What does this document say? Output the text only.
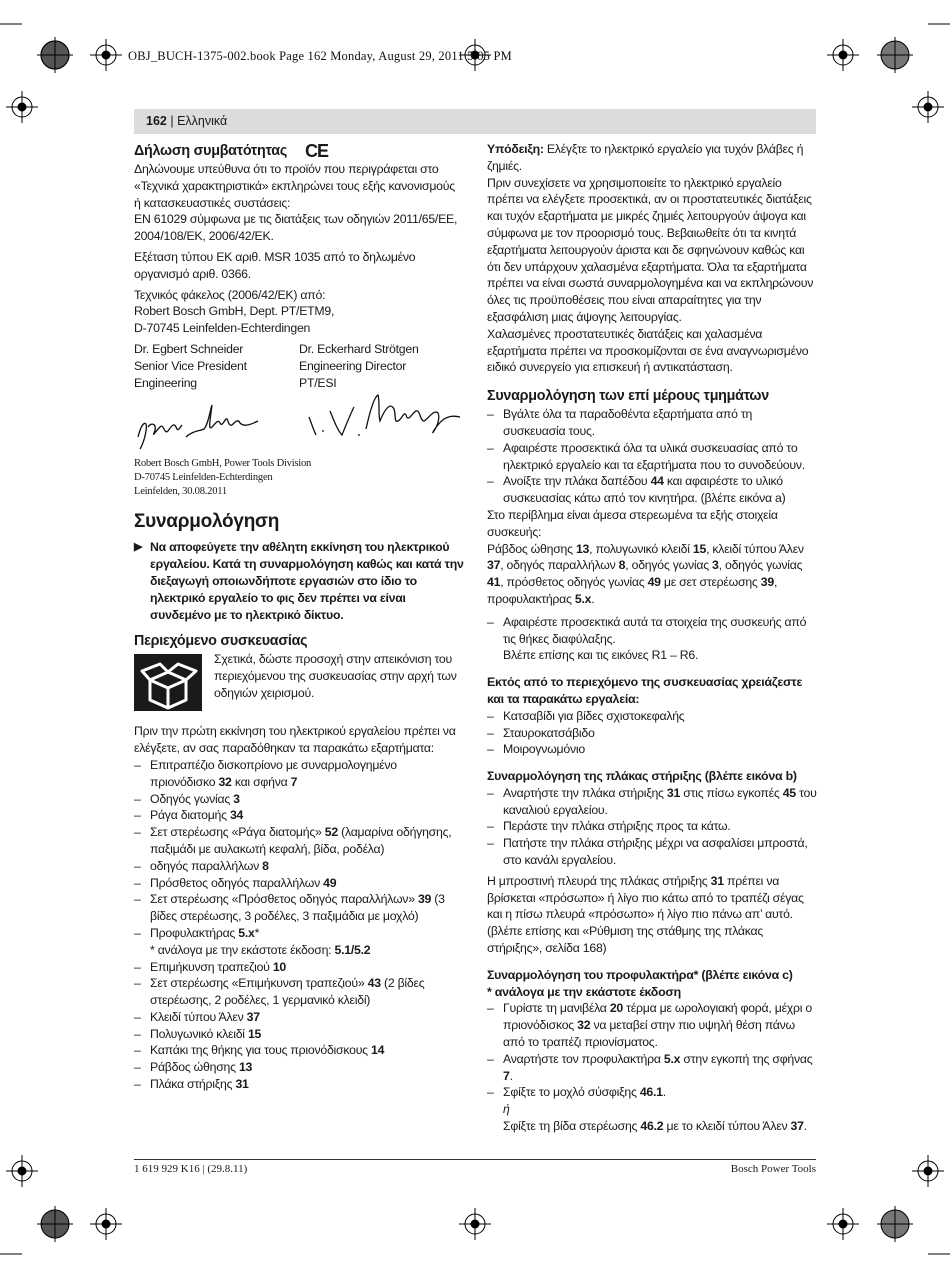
OBJ_BUCH-1375-002.book Page 162 Monday, August 29, 2011 5:05 PM
162 | Ελληνικά
Δήλωση συμβατότητας CE

Δηλώνουμε υπεύθυνα ότι το προϊόν που περιγράφεται στο «Τεχνικά χαρακτηριστικά» εκπληρώνει τους εξής κανονισμούς ή κατασκευαστικές συστάσεις:

EN 61029 σύμφωνα με τις διατάξεις των οδηγιών 2011/65/EE, 2004/108/EK, 2006/42/EK.

Εξέταση τύπου ΕΚ αριθ. MSR 1035 από το δηλωμένο οργανισμό αριθ. 0366.

Τεχνικός φάκελος (2006/42/EK) από:

Robert Bosch GmbH, Dept. PT/ETM9,

D-70745 Leinfelden-Echterdingen

Dr. Egbert Schneider

Senior Vice President

Engineering

Dr. Eckerhard Strötgen

Engineering Director

PT/ESI

Robert Bosch GmbH, Power Tools Division

D-70745 Leinfelden-Echterdingen

Leinfelden, 30.08.2011

Συναρμολόγηση
▶ Να αποφεύγετε την αθέλητη εκκίνηση του ηλεκτρικού εργαλείου. Κατά τη συναρμολόγηση καθώς και κατά την διεξαγωγή οποιωνδήποτε εργασιών στο ίδιο το ηλεκτρικό εργαλείο το φις δεν πρέπει να είναι συνδεμένο με το ηλεκτρικό δίκτυο.
Περιεχόμενο συσκευασίας

Σχετικά, δώστε προσοχή στην απεικόνιση του περιεχόμενου της συσκευασίας στην αρχή των οδηγιών χειρισμού.

Πριν την πρώτη εκκίνηση του ηλεκτρικού εργαλείου πρέπει να ελέγξετε, αν σας παραδόθηκαν τα παρακάτω εξαρτήματα:

– Επιτραπέζιο δισκοπρίονο με συναρμολογημένο πριονόδισκο 32 και σφήνα 7
– Οδηγός γωνίας 3
– Ράγα διατομής 34
– Σετ στερέωσης «Ράγα διατομής» 52 (λαμαρίνα οδήγησης, παξιμάδι με αυλακωτή κεφαλή, βίδα, ροδέλα)
– οδηγός παραλλήλων 8
– Πρόσθετος οδηγός παραλλήλων 49
– Σετ στερέωσης «Πρόσθετος οδηγός παραλλήλων» 39 (3 βίδες στερέωσης, 3 ροδέλες, 3 παξιμάδια με μοχλό)
– Προφυλακτήρας 5.x*
* ανάλογα με την εκάστοτε έκδοση: 5.1/5.2
– Επιμήκυνση τραπεζιού 10
– Σετ στερέωσης «Επιμήκυνση τραπεζιού» 43 (2 βίδες στερέωσης, 2 ροδέλες, 1 γερμανικό κλειδί)
– Κλειδί τύπου Άλεν 37
– Πολυγωνικό κλειδί 15
– Καπάκι της θήκης για τους πριονόδισκους 14
– Ράβδος ώθησης 13
– Πλάκα στήριξης 31

Υπόδειξη: Ελέγξτε το ηλεκτρικό εργαλείο για τυχόν βλάβες ή ζημιές.

Πριν συνεχίσετε να χρησιμοποιείτε το ηλεκτρικό εργαλείο πρέπει να ελέγξετε προσεκτικά, αν οι προστατευτικές διατάξεις και τυχόν εξαρτήματα με μικρές ζημιές λειτουργούν άψογα και σύμφωνα με τον προορισμό τους. Βεβαιωθείτε ότι τα κινητά εξαρτήματα λειτουργούν άριστα και δε σφηνώνουν καθώς και ότι δεν υπάρχουν χαλασμένα εξαρτήματα. Όλα τα εξαρτήματα πρέπει να είναι σωστά συναρμολογημένα και να εκπληρώνουν όλες τις προϋποθέσεις που είναι απαραίτητες για την εξασφάλιση μιας άψογης λειτουργίας.

Χαλασμένες προστατευτικές διατάξεις και χαλασμένα εξαρτήματα πρέπει να προσκομίζονται σε ένα αναγνωρισμένο ειδικό συνεργείο για επισκευή ή αντικατάσταση.

Συναρμολόγηση των επί μέρους τμημάτων
– Βγάλτε όλα τα παραδοθέντα εξαρτήματα από τη συσκευασία τους.
– Αφαιρέστε προσεκτικά όλα τα υλικά συσκευασίας από το ηλεκτρικό εργαλείο και τα εξαρτήματα που το συνοδεύουν.
– Ανοίξτε την πλάκα δαπέδου 44 και αφαιρέστε το υλικό συσκευασίας κάτω από τον κινητήρα. (βλέπε εικόνα a)

Στο περίβλημα είναι άμεσα στερεωμένα τα εξής στοιχεία συσκευής:

Ράβδος ώθησης 13, πολυγωνικό κλειδί 15, κλειδί τύπου Άλεν 37, οδηγός παραλλήλων 8, οδηγός γωνίας 3, οδηγός γωνίας 41, πρόσθετος οδηγός γωνίας 49 με σετ στερέωσης 39, προφυλακτήρας 5.x.

– Αφαιρέστε προσεκτικά αυτά τα στοιχεία της συσκευής από τις θήκες διαφύλαξης.
Βλέπε επίσης και τις εικόνες R1 – R6.

Εκτός από το περιεχόμενο της συσκευασίας χρειάζεστε και τα παρακάτω εργαλεία:

– Κατσαβίδι για βίδες σχιστοκεφαλής
– Σταυροκατσάβιδο
– Μοιρογνωμόνιο

Συναρμολόγηση της πλάκας στήριξης (βλέπε εικόνα b)

– Αναρτήστε την πλάκα στήριξης 31 στις πίσω εγκοπές 45 του καναλιού εργαλείου.
– Περάστε την πλάκα στήριξης προς τα κάτω.
– Πατήστε την πλάκα στήριξης μέχρι να ασφαλίσει μπροστά, στο κανάλι εργαλείου.

Η μπροστινή πλευρά της πλάκας στήριξης 31 πρέπει να βρίσκεται «πρόσωπο» ή λίγο πιο κάτω από το τραπέζι σέγας και η πίσω πλευρά «πρόσωπο» ή λίγο πιο πάνω απ’ αυτό. (βλέπε επίσης και «Ρύθμιση της στάθμης της πλάκας στήριξης», σελίδα 168)

Συναρμολόγηση του προφυλακτήρα* (βλέπε εικόνα c)

* ανάλογα με την εκάστοτε έκδοση

– Γυρίστε τη μανιβέλα 20 τέρμα με ωρολογιακή φορά, μέχρι ο πριονόδισκος 32 να μεταβεί στην πιο υψηλή θέση πάνω από το τραπέζι πριονίσματος.
– Αναρτήστε τον προφυλακτήρα 5.x στην εγκοπή της σφήνας 7.
– Σφίξτε το μοχλό σύσφιξης 46.1.

ή

Σφίξτε τη βίδα στερέωσης 46.2 με το κλειδί τύπου Άλεν 37.

1 619 929 K16 | (29.8.11)	Bosch Power Tools
